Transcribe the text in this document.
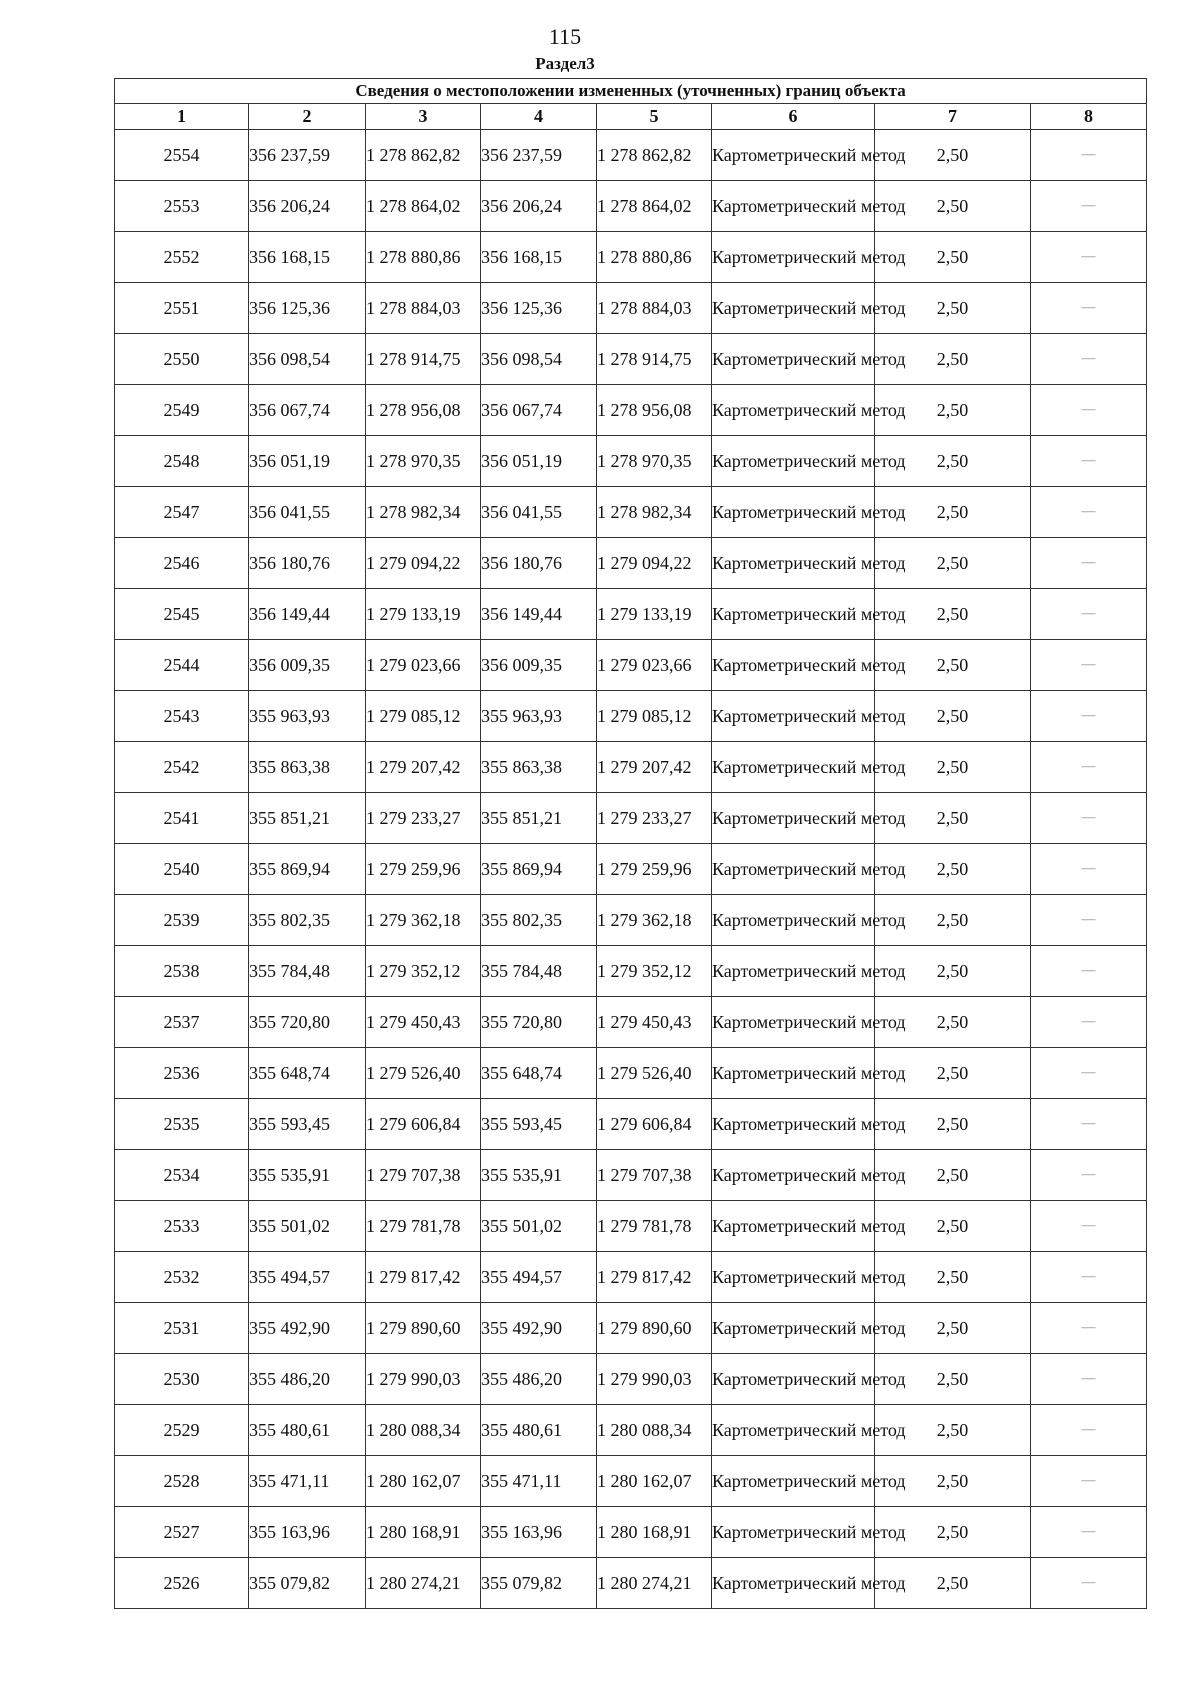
115
Раздел3
Сведения о местоположении измененных (уточненных) границ объекта							
1	2	3	4	5	6	7	8
2554	356 237,59	1 278 862,82	356 237,59	1 278 862,82	Картометрический метод	2,50	—
2553	356 206,24	1 278 864,02	356 206,24	1 278 864,02	Картометрический метод	2,50	—
2552	356 168,15	1 278 880,86	356 168,15	1 278 880,86	Картометрический метод	2,50	—
2551	356 125,36	1 278 884,03	356 125,36	1 278 884,03	Картометрический метод	2,50	—
2550	356 098,54	1 278 914,75	356 098,54	1 278 914,75	Картометрический метод	2,50	—
2549	356 067,74	1 278 956,08	356 067,74	1 278 956,08	Картометрический метод	2,50	—
2548	356 051,19	1 278 970,35	356 051,19	1 278 970,35	Картометрический метод	2,50	—
2547	356 041,55	1 278 982,34	356 041,55	1 278 982,34	Картометрический метод	2,50	—
2546	356 180,76	1 279 094,22	356 180,76	1 279 094,22	Картометрический метод	2,50	—
2545	356 149,44	1 279 133,19	356 149,44	1 279 133,19	Картометрический метод	2,50	—
2544	356 009,35	1 279 023,66	356 009,35	1 279 023,66	Картометрический метод	2,50	—
2543	355 963,93	1 279 085,12	355 963,93	1 279 085,12	Картометрический метод	2,50	—
2542	355 863,38	1 279 207,42	355 863,38	1 279 207,42	Картометрический метод	2,50	—
2541	355 851,21	1 279 233,27	355 851,21	1 279 233,27	Картометрический метод	2,50	—
2540	355 869,94	1 279 259,96	355 869,94	1 279 259,96	Картометрический метод	2,50	—
2539	355 802,35	1 279 362,18	355 802,35	1 279 362,18	Картометрический метод	2,50	—
2538	355 784,48	1 279 352,12	355 784,48	1 279 352,12	Картометрический метод	2,50	—
2537	355 720,80	1 279 450,43	355 720,80	1 279 450,43	Картометрический метод	2,50	—
2536	355 648,74	1 279 526,40	355 648,74	1 279 526,40	Картометрический метод	2,50	—
2535	355 593,45	1 279 606,84	355 593,45	1 279 606,84	Картометрический метод	2,50	—
2534	355 535,91	1 279 707,38	355 535,91	1 279 707,38	Картометрический метод	2,50	—
2533	355 501,02	1 279 781,78	355 501,02	1 279 781,78	Картометрический метод	2,50	—
2532	355 494,57	1 279 817,42	355 494,57	1 279 817,42	Картометрический метод	2,50	—
2531	355 492,90	1 279 890,60	355 492,90	1 279 890,60	Картометрический метод	2,50	—
2530	355 486,20	1 279 990,03	355 486,20	1 279 990,03	Картометрический метод	2,50	—
2529	355 480,61	1 280 088,34	355 480,61	1 280 088,34	Картометрический метод	2,50	—
2528	355 471,11	1 280 162,07	355 471,11	1 280 162,07	Картометрический метод	2,50	—
2527	355 163,96	1 280 168,91	355 163,96	1 280 168,91	Картометрический метод	2,50	—
2526	355 079,82	1 280 274,21	355 079,82	1 280 274,21	Картометрический метод	2,50	—
